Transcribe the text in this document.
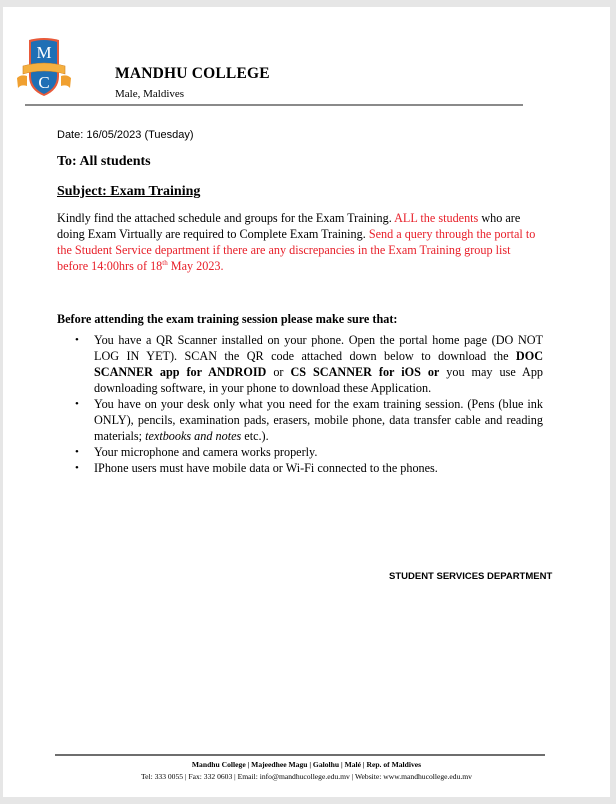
M
C	MANDHU COLLEGE
Male, Maldives
Date: 16/05/2023 (Tuesday)
To: All students
Subject: Exam Training
Kindly find the attached schedule and groups for the Exam Training. ALL the students who are doing Exam Virtually are required to Complete Exam Training. Send a query through the portal to the Student Service department if there are any discrepancies in the Exam Training group list before 14:00hrs of 18th May 2023.
Before attending the exam training session please make sure that:
• You have a QR Scanner installed on your phone. Open the portal home page (DO NOT LOG IN YET). SCAN the QR code attached down below to download the DOC SCANNER app for ANDROID or CS SCANNER for iOS or you may use App downloading software, in your phone to download these Application.
• You have on your desk only what you need for the exam training session. (Pens (blue ink ONLY), pencils, examination pads, erasers, mobile phone, data transfer cable and reading materials; textbooks and notes etc.).
• Your microphone and camera works properly.
• IPhone users must have mobile data or Wi-Fi connected to the phones.
STUDENT SERVICES DEPARTMENT
Mandhu College | Majeedhee Magu | Galolhu | Malé | Rep. of Maldives
Tel: 333 0055 | Fax: 332 0603 | Email: info@mandhucollege.edu.mv | Website: www.mandhucollege.edu.mv
